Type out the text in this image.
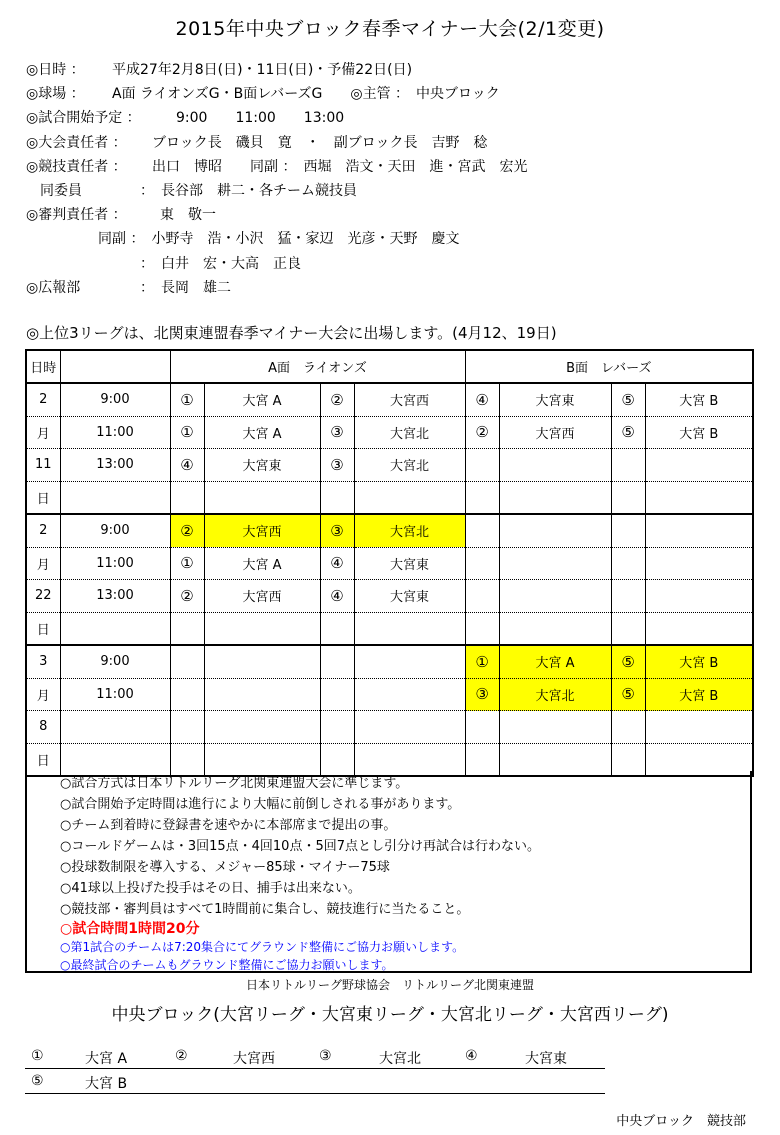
2015年中央ブロック春季マイナー大会(2/1変更)
◎日時 ： 平成27年2月8日(日)・11日(日)・予備22日(日)
◎球場 ： A面 ライオンズG・B面レバーズG　　◎主管 ：　中央ブロック
◎試合開始予定 ：	9:00　　11:00　　13:00
◎大会責任者 ： ブロック長　磯貝　寛　・　副ブロック長　吉野　稔
◎競技責任者 ： 出口　博昭　　同副 ：　西堀　浩文・天田　進・宮武　宏光
　同委員	：　長谷部　耕二・各チーム競技員
◎審判責任者 ： 東　敬一
同副 ：　小野寺　浩・小沢　猛・家辺　光彦・天野　慶文
：　白井　宏・大高　正良
◎広報部	：　長岡　雄二
◎上位3リーグは、北関東連盟春季マイナー大会に出場します。(4月12、19日)
日時		A面　ライオンズ				B面　レバーズ			
2	9:00	①	大宮 A	②	大宮西	④	大宮東	⑤	大宮 B
月	11:00	①	大宮 A	③	大宮北	②	大宮西	⑤	大宮 B
11	13:00	④	大宮東	③	大宮北				
日									
2	9:00	②	大宮西	③	大宮北				
月	11:00	①	大宮 A	④	大宮東				
22	13:00	②	大宮西	④	大宮東				
日									
3	9:00					①	大宮 A	⑤	大宮 B
月	11:00					③	大宮北	⑤	大宮 B
8									
日									
○試合方式は日本リトルリーグ北関東連盟大会に準じます。
○試合開始予定時間は進行により大幅に前倒しされる事があります。
○チーム到着時に登録書を速やかに本部席まで提出の事。
○コールドゲームは・3回15点・4回10点・5回7点とし引分け再試合は行わない。
○投球数制限を導入する、メジャー85球・マイナー75球
○41球以上投げた投手はその日、捕手は出来ない。
○競技部・審判員はすべて1時間前に集合し、競技進行に当たること。
○試合時間1時間20分
○第1試合のチームは7:20集合にてグラウンド整備にご協力お願いします。
○最終試合のチームもグラウンド整備にご協力お願いします。
日本リトルリーグ野球協会　リトルリーグ北関東連盟
中央ブロック(大宮リーグ・大宮東リーグ・大宮北リーグ・大宮西リーグ)
①	大宮 A	②	大宮西	③	大宮北	④	大宮東
⑤	大宮 B
中央ブロック　競技部
